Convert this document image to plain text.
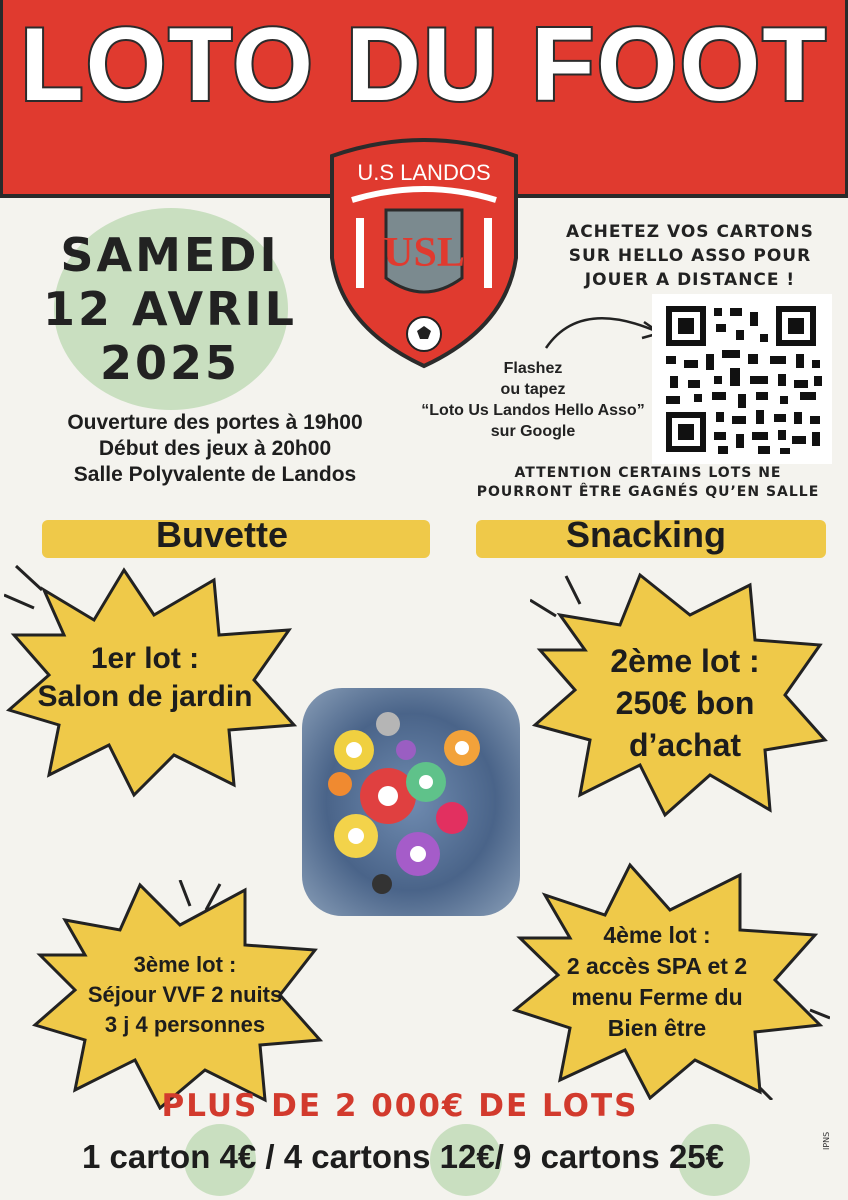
LOTO DU FOOT
USL
U.S LANDOS
SAMEDI
12 AVRIL
2025
Ouverture des portes à 19h00
Début des jeux à 20h00
Salle Polyvalente de Landos
ACHETEZ VOS CARTONS
SUR HELLO ASSO POUR
JOUER A DISTANCE !
Flashez
ou tapez
“Loto Us Landos Hello Asso”
sur Google
ATTENTION CERTAINS LOTS NE
POURRONT ÊTRE GAGNÉS QU’EN SALLE
Buvette	Snacking
1er lot :
Salon de jardin
2ème lot :
250€ bon
d’achat
3ème lot :
Séjour VVF 2 nuits
3 j 4 personnes
4ème lot :
2 accès SPA et 2
menu Ferme du
Bien être
PLUS DE 2 000€ DE LOTS
1 carton 4€ / 4 cartons 12€/ 9 cartons 25€	IPNS
